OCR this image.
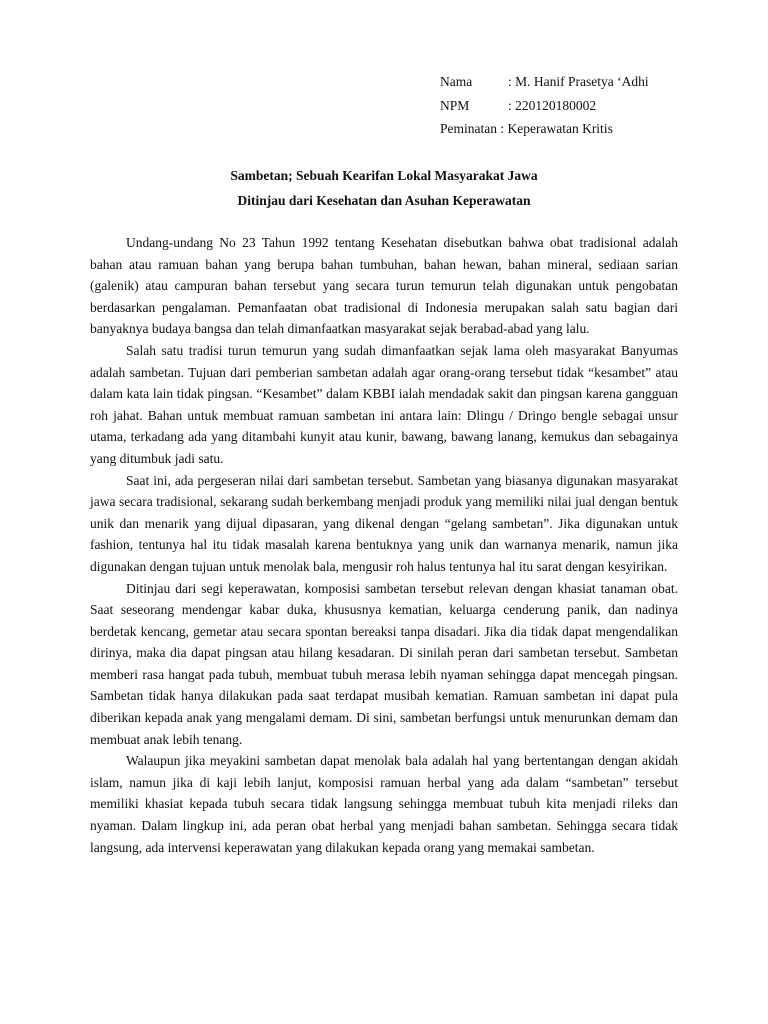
Nama	: M. Hanif Prasetya ‘Adhi
NPM	: 220120180002
Peminatan : Keperawatan Kritis
Sambetan; Sebuah Kearifan Lokal Masyarakat Jawa
Ditinjau dari Kesehatan dan Asuhan Keperawatan

Undang-undang No 23 Tahun 1992 tentang Kesehatan disebutkan bahwa obat tradisional adalah bahan atau ramuan bahan yang berupa bahan tumbuhan, bahan hewan, bahan mineral, sediaan sarian (galenik) atau campuran bahan tersebut yang secara turun temurun telah digunakan untuk pengobatan berdasarkan pengalaman. Pemanfaatan obat tradisional di Indonesia merupakan salah satu bagian dari banyaknya budaya bangsa dan telah dimanfaatkan masyarakat sejak berabad-abad yang lalu.

Salah satu tradisi turun temurun yang sudah dimanfaatkan sejak lama oleh masyarakat Banyumas adalah sambetan. Tujuan dari pemberian sambetan adalah agar orang-orang tersebut tidak “kesambet” atau dalam kata lain tidak pingsan. “Kesambet” dalam KBBI ialah mendadak sakit dan pingsan karena gangguan roh jahat. Bahan untuk membuat ramuan sambetan ini antara lain: Dlingu / Dringo bengle sebagai unsur utama, terkadang ada yang ditambahi kunyit atau kunir, bawang, bawang lanang, kemukus dan sebagainya yang ditumbuk jadi satu.

Saat ini, ada pergeseran nilai dari sambetan tersebut. Sambetan yang biasanya digunakan masyarakat jawa secara tradisional, sekarang sudah berkembang menjadi produk yang memiliki nilai jual dengan bentuk unik dan menarik yang dijual dipasaran, yang dikenal dengan “gelang sambetan”. Jika digunakan untuk fashion, tentunya hal itu tidak masalah karena bentuknya yang unik dan warnanya menarik, namun jika digunakan dengan tujuan untuk menolak bala, mengusir roh halus tentunya hal itu sarat dengan kesyirikan.

Ditinjau dari segi keperawatan, komposisi sambetan tersebut relevan dengan khasiat tanaman obat. Saat seseorang mendengar kabar duka, khususnya kematian, keluarga cenderung panik, dan nadinya berdetak kencang, gemetar atau secara spontan bereaksi tanpa disadari. Jika dia tidak dapat mengendalikan dirinya, maka dia dapat pingsan atau hilang kesadaran. Di sinilah peran dari sambetan tersebut. Sambetan memberi rasa hangat pada tubuh, membuat tubuh merasa lebih nyaman sehingga dapat mencegah pingsan. Sambetan tidak hanya dilakukan pada saat terdapat musibah kematian. Ramuan sambetan ini dapat pula diberikan kepada anak yang mengalami demam. Di sini, sambetan berfungsi untuk menurunkan demam dan membuat anak lebih tenang.

Walaupun jika meyakini sambetan dapat menolak bala adalah hal yang bertentangan dengan akidah islam, namun jika di kaji lebih lanjut, komposisi ramuan herbal yang ada dalam “sambetan” tersebut memiliki khasiat kepada tubuh secara tidak langsung sehingga membuat tubuh kita menjadi rileks dan nyaman. Dalam lingkup ini, ada peran obat herbal yang menjadi bahan sambetan. Sehingga secara tidak langsung, ada intervensi keperawatan yang dilakukan kepada orang yang memakai sambetan.
